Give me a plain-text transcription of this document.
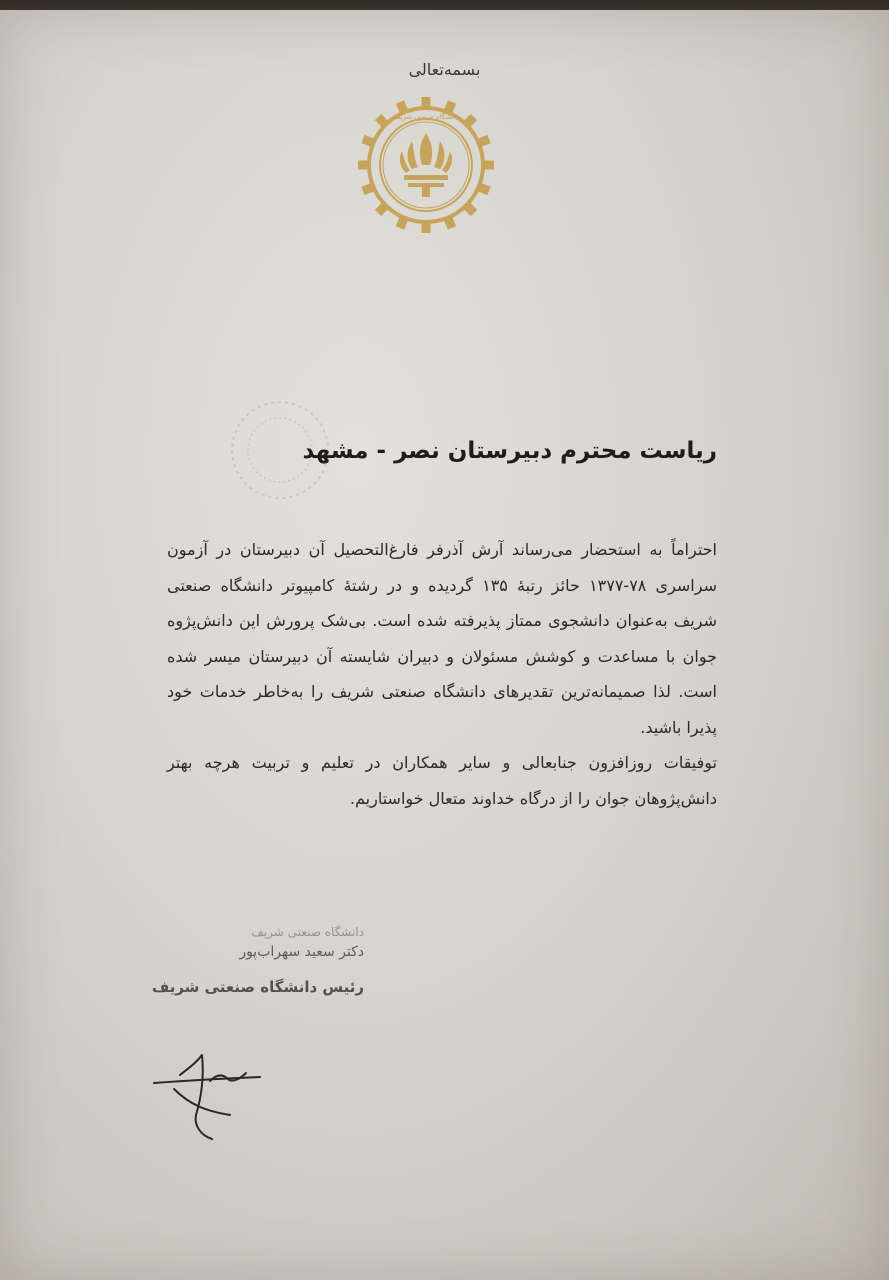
بسمه‌تعالی
دانشگاه صنعتی شریف
ریاست محترم دبیرستان نصر - مشهد

احتراماً به استحضار می‌رساند آرش آذرفر فارغ‌التحصیل آن دبیرستان در آزمون سراسری ۷۸-۱۳۷۷ حائز رتبهٔ ۱۳۵ گردیده و در رشتهٔ کامپیوتر دانشگاه صنعتی شریف به‌عنوان دانشجوی ممتاز پذیرفته شده است. بی‌شک پرورش این دانش‌پژوه جوان با مساعدت و کوشش مسئولان و دبیران شایسته آن دبیرستان میسر شده است. لذا صمیمانه‌ترین تقدیرهای دانشگاه صنعتی شریف را به‌خاطر خدمات خود پذیرا باشید.

توفیقات روزافزون جنابعالی و سایر همکاران در تعلیم و تربیت هرچه بهتر دانش‌پژوهان جوان را از درگاه خداوند متعال خواستاریم.

دانشگاه صنعتی شریف
دکتر سعید سهراب‌پور
رئیس دانشگاه صنعتی شریف
